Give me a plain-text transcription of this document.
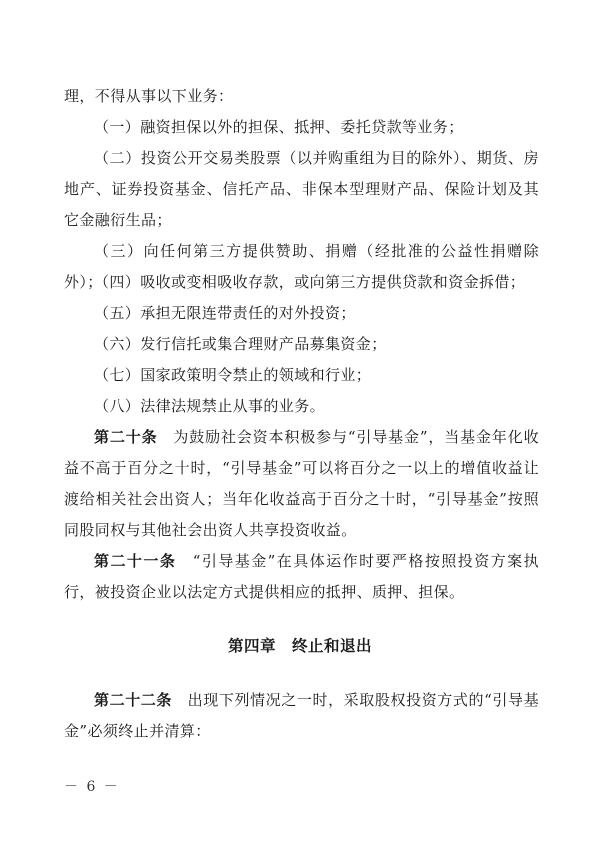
理，不得从事以下业务：

（一）融资担保以外的担保、抵押、委托贷款等业务；

（二）投资公开交易类股票（以并购重组为目的除外）、期货、房地产、证券投资基金、信托产品、非保本型理财产品、保险计划及其它金融衍生品；

（三）向任何第三方提供赞助、捐赠（经批准的公益性捐赠除外）；

（四）吸收或变相吸收存款，或向第三方提供贷款和资金拆借；

（五）承担无限连带责任的对外投资；

（六）发行信托或集合理财产品募集资金；

（七）国家政策明令禁止的领域和行业；

（八）法律法规禁止从事的业务。

第二十条　 为鼓励社会资本积极参与“引导基金”，当基金年化收益不高于百分之十时，“引导基金”可以将百分之一以上的增值收益让渡给相关社会出资人；当年化收益高于百分之十时，“引导基金”按照同股同权与其他社会出资人共享投资收益。

第二十一条　 “引导基金”在具体运作时要严格按照投资方案执行，被投资企业以法定方式提供相应的抵押、质押、担保。

第四章　终止和退出

第二十二条　 出现下列情况之一时，采取股权投资方式的“引导基金”必须终止并清算：

－ 6 －
